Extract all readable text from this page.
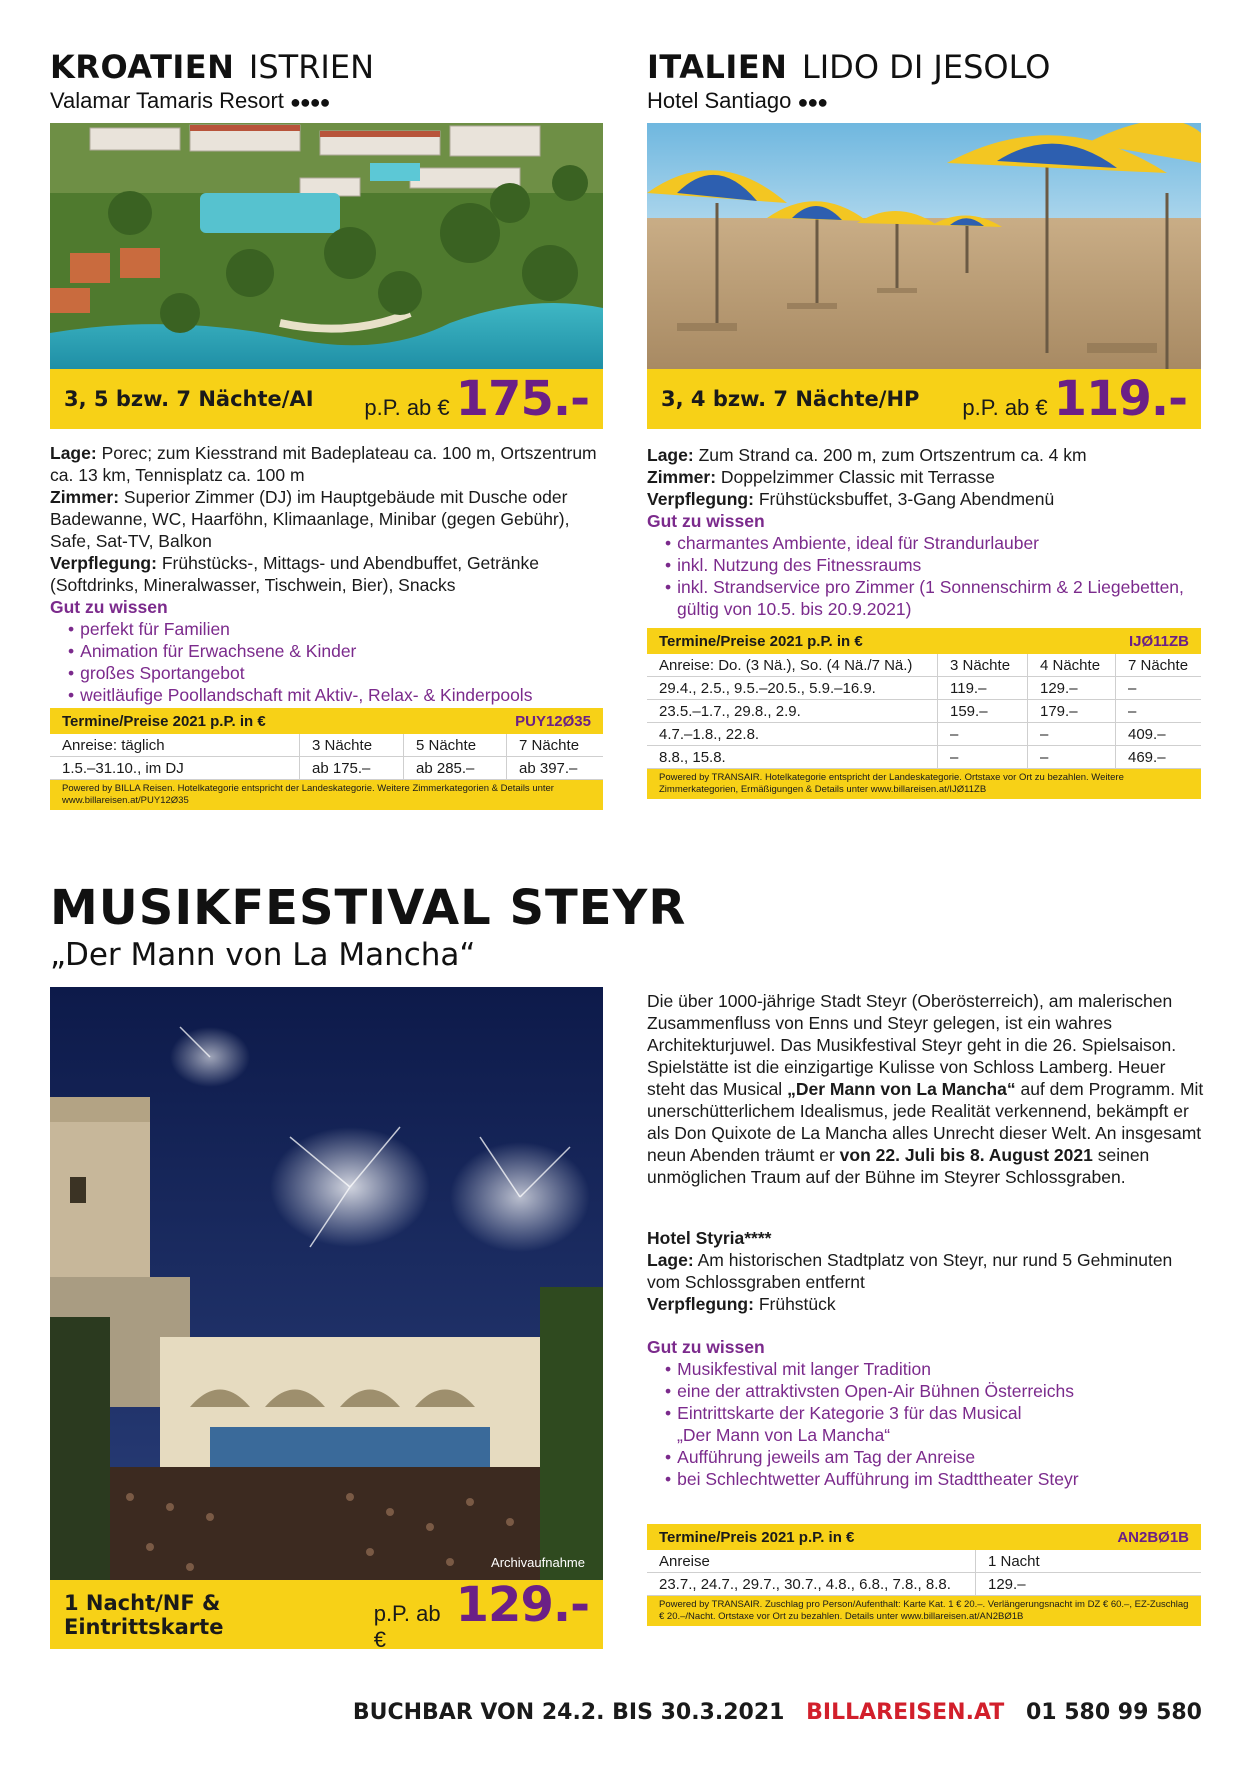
KROATIEN ISTRIEN
Valamar Tamaris Resort ●●●●
3, 5 bzw. 7 Nächte/AI p.P. ab € 175.-
Lage: Porec; zum Kiesstrand mit Badeplateau ca. 100 m, Ortszentrum ca. 13 km, Tennisplatz ca. 100 m
Zimmer: Superior Zimmer (DJ) im Hauptgebäude mit Dusche oder Badewanne, WC, Haarföhn, Klimaanlage, Minibar (gegen Gebühr), Safe, Sat-TV, Balkon
Verpflegung: Frühstücks-, Mittags- und Abendbuffet, Getränke (Softdrinks, Mineralwasser, Tischwein, Bier), Snacks
Gut zu wissen
• perfekt für Familien
• Animation für Erwachsene & Kinder
• großes Sportangebot
• weitläufige Poollandschaft mit Aktiv-, Relax- & Kinderpools
Termine/Preise 2021 p.P. in €	PUY12Ø35
Anreise: täglich	3 Nächte	5 Nächte	7 Nächte
1.5.–31.10., im DJ	ab 175.–	ab 285.–	ab 397.–
Powered by BILLA Reisen. Hotelkategorie entspricht der Landeskategorie. Weitere Zimmerkategorien & Details unter www.billareisen.at/PUY12Ø35
ITALIEN LIDO DI JESOLO
Hotel Santiago ●●●
3, 4 bzw. 7 Nächte/HP p.P. ab € 119.-
Lage: Zum Strand ca. 200 m, zum Ortszentrum ca. 4 km
Zimmer: Doppelzimmer Classic mit Terrasse
Verpflegung: Frühstücksbuffet, 3-Gang Abendmenü
Gut zu wissen
• charmantes Ambiente, ideal für Strandurlauber
• inkl. Nutzung des Fitnessraums
• inkl. Strandservice pro Zimmer (1 Sonnenschirm & 2 Liegebetten, gültig von 10.5. bis 20.9.2021)
Termine/Preise 2021 p.P. in €	IJØ11ZB
Anreise: Do. (3 Nä.), So. (4 Nä./7 Nä.)	3 Nächte	4 Nächte	7 Nächte
29.4., 2.5., 9.5.–20.5., 5.9.–16.9.	119.–	129.–	–
23.5.–1.7., 29.8., 2.9.	159.–	179.–	–
4.7.–1.8., 22.8.	–	–	409.–
8.8., 15.8.	–	–	469.–
Powered by TRANSAIR. Hotelkategorie entspricht der Landeskategorie. Ortstaxe vor Ort zu bezahlen. Weitere Zimmerkategorien, Ermäßigungen & Details unter www.billareisen.at/IJØ11ZB
MUSIKFESTIVAL STEYR
„Der Mann von La Mancha“
Archivaufnahme
1 Nacht/NF & Eintrittskarte
p.P. ab €
129.-
Die über 1000-jährige Stadt Steyr (Oberösterreich), am malerischen Zusammenfluss von Enns und Steyr gelegen, ist ein wahres Architekturjuwel. Das Musikfestival Steyr geht in die 26. Spielsaison. Spielstätte ist die einzigartige Kulisse von Schloss Lamberg. Heuer steht das Musical „Der Mann von La Mancha“ auf dem Programm. Mit unerschütterlichem Idealismus, jede Realität verkennend, bekämpft er als Don Quixote de La Mancha alles Unrecht dieser Welt. An insgesamt neun Abenden träumt er von 22. Juli bis 8. August 2021 seinen unmöglichen Traum auf der Bühne im Steyrer Schlossgraben.
Hotel Styria****
Lage: Am historischen Stadtplatz von Steyr, nur rund 5 Gehminuten vom Schlossgraben entfernt
Verpflegung: Frühstück
Gut zu wissen
• Musikfestival mit langer Tradition
• eine der attraktivsten Open-Air Bühnen Österreichs
• Eintrittskarte der Kategorie 3 für das Musical „Der Mann von La Mancha“
• Aufführung jeweils am Tag der Anreise
• bei Schlechtwetter Aufführung im Stadttheater Steyr
Termine/Preis 2021 p.P. in €	AN2BØ1B
Anreise	1 Nacht
23.7., 24.7., 29.7., 30.7., 4.8., 6.8., 7.8., 8.8.	129.–
Powered by TRANSAIR. Zuschlag pro Person/Aufenthalt: Karte Kat. 1 € 20.–. Verlängerungsnacht im DZ € 60.–, EZ-Zuschlag € 20.–/Nacht. Ortstaxe vor Ort zu bezahlen. Details unter www.billareisen.at/AN2BØ1B
BUCHBAR VON 24.2. BIS 30.3.2021 BILLAREISEN.AT 01 580 99 580
